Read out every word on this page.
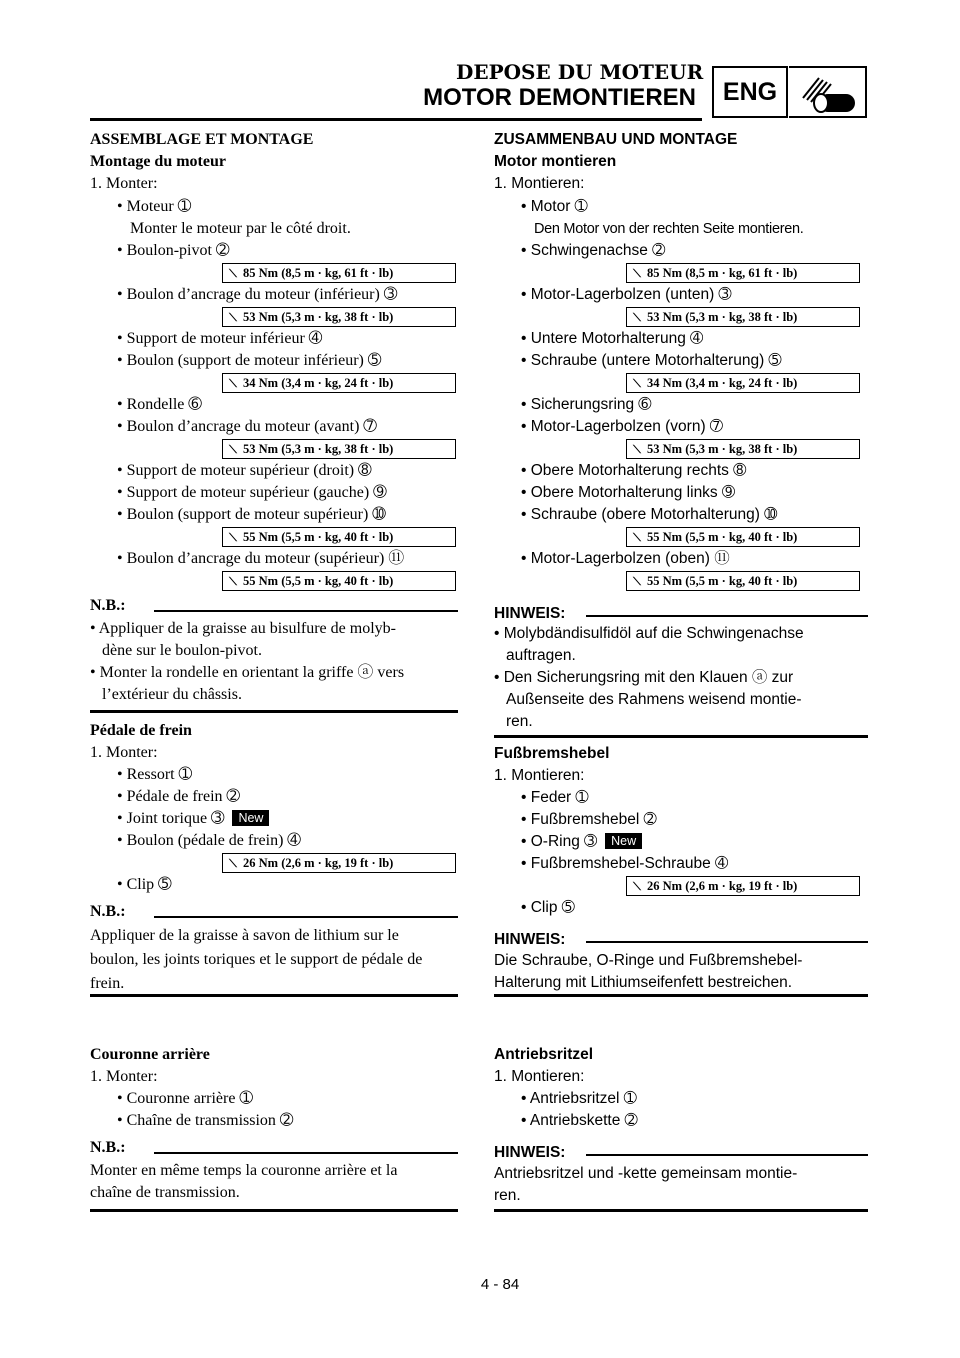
DEPOSE DU MOTEUR
MOTOR DEMONTIEREN	ENG
ASSEMBLAGE ET MONTAGE
Montage du moteur
1. Monter:
• Moteur ➀
Monter le moteur par le côté droit.
• Boulon-pivot ➁
⟍ 85 Nm (8,5 m · kg, 61 ft · lb)
• Boulon d’ancrage du moteur (inférieur) ➂
⟍ 53 Nm (5,3 m · kg, 38 ft · lb)
• Support de moteur inférieur ➃
• Boulon (support de moteur inférieur) ➄
⟍ 34 Nm (3,4 m · kg, 24 ft · lb)
• Rondelle ➅
• Boulon d’ancrage du moteur (avant) ➆
⟍ 53 Nm (5,3 m · kg, 38 ft · lb)
• Support de moteur supérieur (droit) ➇
• Support de moteur supérieur (gauche) ➈
• Boulon (support de moteur supérieur) ➉
⟍ 55 Nm (5,5 m · kg, 40 ft · lb)
• Boulon d’ancrage du moteur (supérieur) ⑪
⟍ 55 Nm (5,5 m · kg, 40 ft · lb)
N.B.:
• Appliquer de la graisse au bisulfure de molyb-
dène sur le boulon-pivot.
• Monter la rondelle en orientant la griffe ⓐ vers
l’extérieur du châssis.
Pédale de frein
1. Monter:
• Ressort ➀
• Pédale de frein ➁
• Joint torique ➂ New
• Boulon (pédale de frein) ➃
⟍ 26 Nm (2,6 m · kg, 19 ft · lb)
• Clip ➄
N.B.:
Appliquer de la graisse à savon de lithium sur le
boulon, les joints toriques et le support de pédale de
frein.
Couronne arrière
1. Monter:
• Couronne arrière ➀
• Chaîne de transmission ➁
N.B.:
Monter en même temps la couronne arrière et la
chaîne de transmission.
ZUSAMMENBAU UND MONTAGE
Motor montieren
1. Montieren:
• Motor ➀
Den Motor von der rechten Seite montieren.
• Schwingenachse ➁
⟍ 85 Nm (8,5 m · kg, 61 ft · lb)
• Motor-Lagerbolzen (unten) ➂
⟍ 53 Nm (5,3 m · kg, 38 ft · lb)
• Untere Motorhalterung ➃
• Schraube (untere Motorhalterung) ➄
⟍ 34 Nm (3,4 m · kg, 24 ft · lb)
• Sicherungsring ➅
• Motor-Lagerbolzen (vorn) ➆
⟍ 53 Nm (5,3 m · kg, 38 ft · lb)
• Obere Motorhalterung rechts ➇
• Obere Motorhalterung links ➈
• Schraube (obere Motorhalterung) ➉
⟍ 55 Nm (5,5 m · kg, 40 ft · lb)
• Motor-Lagerbolzen (oben) ⑪
⟍ 55 Nm (5,5 m · kg, 40 ft · lb)
HINWEIS:
• Molybdändisulfidöl auf die Schwingenachse
auftragen.
• Den Sicherungsring mit den Klauen ⓐ zur
Außenseite des Rahmens weisend montie-
ren.
Fußbremshebel
1. Montieren:
• Feder ➀
• Fußbremshebel ➁
• O-Ring ➂ New
• Fußbremshebel-Schraube ➃
⟍ 26 Nm (2,6 m · kg, 19 ft · lb)
• Clip ➄
HINWEIS:
Die Schraube, O-Ringe und Fußbremshebel-
Halterung mit Lithiumseifenfett bestreichen.
Antriebsritzel
1. Montieren:
• Antriebsritzel ➀
• Antriebskette ➁
HINWEIS:
Antriebsritzel und -kette gemeinsam montie-
ren.
4 - 84
